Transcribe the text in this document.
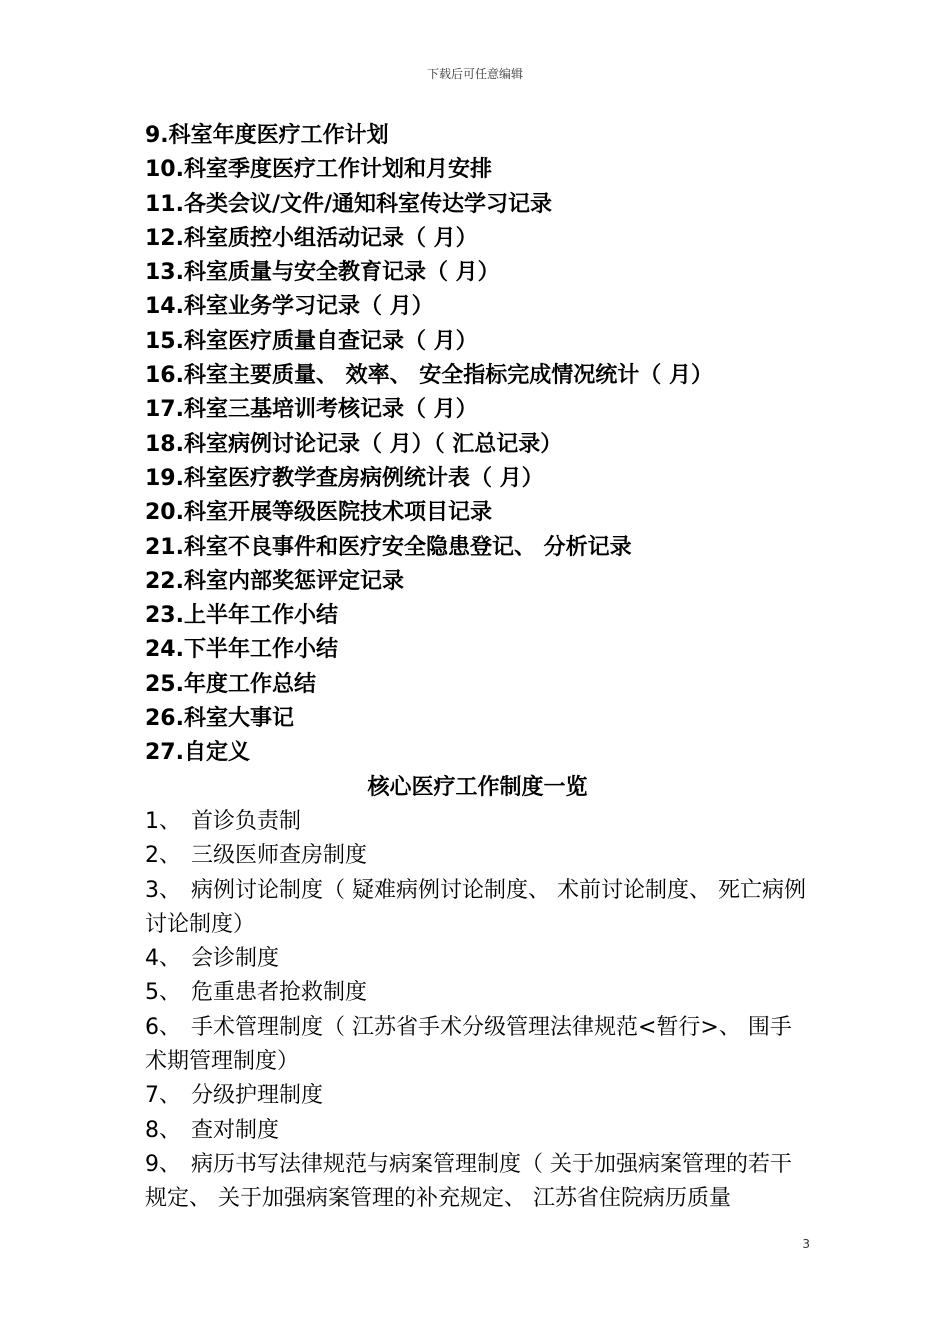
下载后可任意编辑
9.科室年度医疗工作计划
10.科室季度医疗工作计划和月安排
11.各类会议/文件/通知科室传达学习记录
12.科室质控小组活动记录（ 月）
13.科室质量与安全教育记录（ 月）
14.科室业务学习记录（ 月）
15.科室医疗质量自查记录（ 月）
16.科室主要质量、 效率、 安全指标完成情况统计（ 月）
17.科室三基培训考核记录（ 月）
18.科室病例讨论记录（ 月）（ 汇总记录）
19.科室医疗教学查房病例统计表（ 月）
20.科室开展等级医院技术项目记录
21.科室不良事件和医疗安全隐患登记、 分析记录
22.科室内部奖惩评定记录
23.上半年工作小结
24.下半年工作小结
25.年度工作总结
26.科室大事记
27.自定义
核心医疗工作制度一览
1、 首诊负责制
2、 三级医师查房制度
3、 病例讨论制度（ 疑难病例讨论制度、 术前讨论制度、 死亡病例讨论制度）
4、 会诊制度
5、 危重患者抢救制度
6、 手术管理制度（ 江苏省手术分级管理法律规范<暂行>、 围手术期管理制度）
7、 分级护理制度
8、 查对制度
9、 病历书写法律规范与病案管理制度（ 关于加强病案管理的若干规定、 关于加强病案管理的补充规定、 江苏省住院病历质量
3
